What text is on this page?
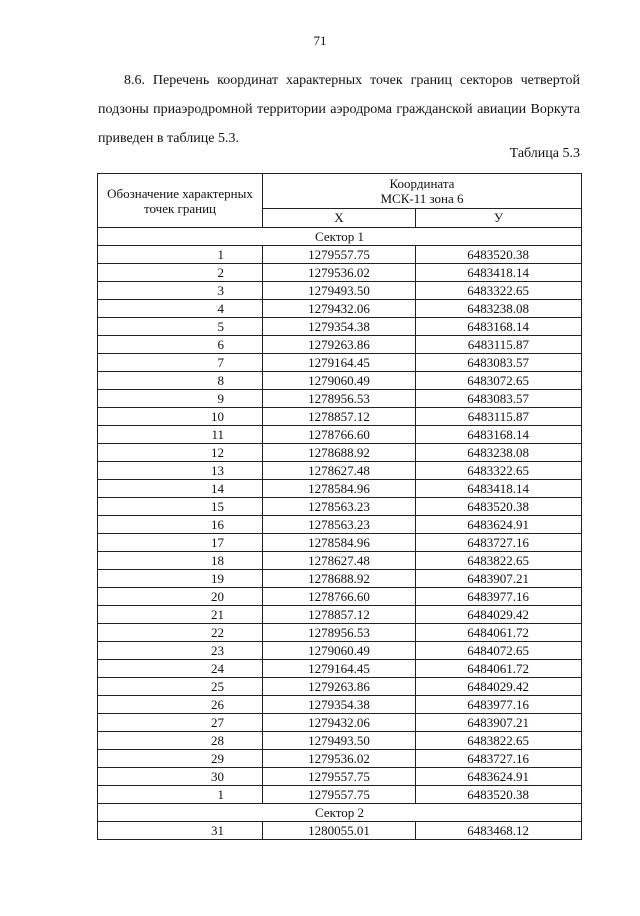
71

8.6. Перечень координат характерных точек границ секторов четвертой подзоны приаэродромной территории аэродрома гражданской авиации Воркута приведен в таблице 5.3.

Таблица 5.3
Обозначение характерных точек границ	Координата
МСК-11 зона 6	

	X	У
Сектор 1		
1	1279557.75	6483520.38
2	1279536.02	6483418.14
3	1279493.50	6483322.65
4	1279432.06	6483238.08
5	1279354.38	6483168.14
6	1279263.86	6483115.87
7	1279164.45	6483083.57
8	1279060.49	6483072.65
9	1278956.53	6483083.57
10	1278857.12	6483115.87
11	1278766.60	6483168.14
12	1278688.92	6483238.08
13	1278627.48	6483322.65
14	1278584.96	6483418.14
15	1278563.23	6483520.38
16	1278563.23	6483624.91
17	1278584.96	6483727.16
18	1278627.48	6483822.65
19	1278688.92	6483907.21
20	1278766.60	6483977.16
21	1278857.12	6484029.42
22	1278956.53	6484061.72
23	1279060.49	6484072.65
24	1279164.45	6484061.72
25	1279263.86	6484029.42
26	1279354.38	6483977.16
27	1279432.06	6483907.21
28	1279493.50	6483822.65
29	1279536.02	6483727.16
30	1279557.75	6483624.91
1	1279557.75	6483520.38
Сектор 2		
31	1280055.01	6483468.12
